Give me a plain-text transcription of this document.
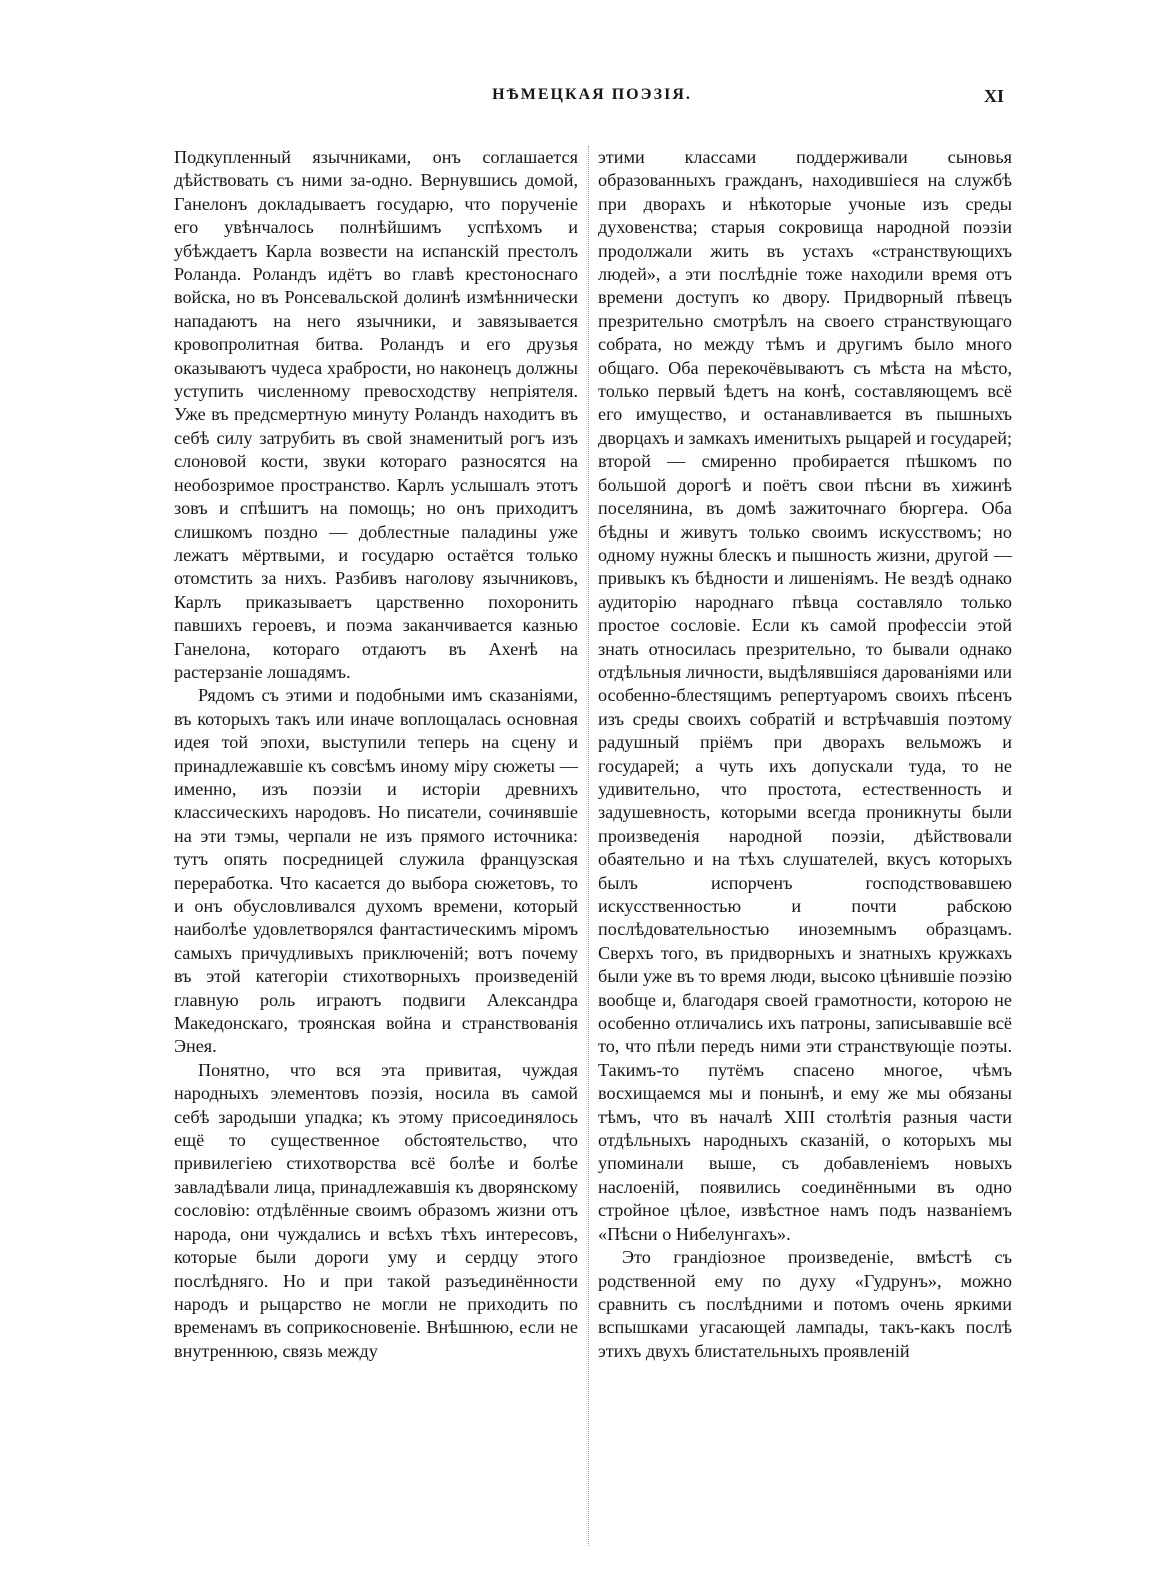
НѢМЕЦКАЯ ПОЭЗІЯ.	XI

Подкупленный язычниками, онъ соглашается дѣйствовать съ ними за-одно. Вернувшись домой, Ганелонъ докладываетъ государю, что порученіе его увѣнчалось полнѣйшимъ успѣхомъ и убѣждаетъ Карла возвести на испанскій престолъ Роланда. Роландъ идётъ во главѣ крестоноснаго войска, но въ Ронсевальской долинѣ измѣннически нападаютъ на него язычники, и завязывается кровопролитная битва. Роландъ и его друзья оказываютъ чудеса храбрости, но наконецъ должны уступить численному превосходству непріятеля. Уже въ предсмертную минуту Роландъ находитъ въ себѣ силу затрубить въ свой знаменитый рогъ изъ слоновой кости, звуки котораго разносятся на необозримое пространство. Карлъ услышалъ этотъ зовъ и спѣшитъ на помощь; но онъ приходитъ слишкомъ поздно — доблестные паладины уже лежатъ мёртвыми, и государю остаётся только отомстить за нихъ. Разбивъ наголову язычниковъ, Карлъ приказываетъ царственно похоронить павшихъ героевъ, и поэма заканчивается казнью Ганелона, котораго отдаютъ въ Ахенѣ на растерзаніе лошадямъ.

Рядомъ съ этими и подобными имъ сказаніями, въ которыхъ такъ или иначе воплощалась основная идея той эпохи, выступили теперь на сцену и принадлежавшіе къ совсѣмъ иному міру сюжеты — именно, изъ поэзіи и исторіи древнихъ классическихъ народовъ. Но писатели, сочинявшіе на эти тэмы, черпали не изъ прямого источника: тутъ опять посредницей служила французская переработка. Что касается до выбора сюжетовъ, то и онъ обусловливался духомъ времени, который наиболѣе удовлетворялся фантастическимъ міромъ самыхъ причудливыхъ приключеній; вотъ почему въ этой категоріи стихотворныхъ произведеній главную роль играютъ подвиги Александра Македонскаго, троянская война и странствованія Энея.

Понятно, что вся эта привитая, чуждая народныхъ элементовъ поэзія, носила въ самой себѣ зародыши упадка; къ этому присоединялось ещё то существенное обстоятельство, что привилегіею стихотворства всё болѣе и болѣе завладѣвали лица, принадлежавшія къ дворянскому сословію: отдѣлённые своимъ образомъ жизни отъ народа, они чуждались и всѣхъ тѣхъ интересовъ, которые были дороги уму и сердцу этого послѣдняго. Но и при такой разъединённости народъ и рыцарство не могли не приходить по временамъ въ соприкосновеніе. Внѣшнюю, если не внутреннюю, связь между

этими классами поддерживали сыновья образованныхъ гражданъ, находившіеся на службѣ при дворахъ и нѣкоторые учоные изъ среды духовенства; старыя сокровища народной поэзіи продолжали жить въ устахъ «странствующихъ людей», а эти послѣдніе тоже находили время отъ времени доступъ ко двору. Придворный пѣвецъ презрительно смотрѣлъ на своего странствующаго собрата, но между тѣмъ и другимъ было много общаго. Оба перекочёвываютъ съ мѣста на мѣсто, только первый ѣдетъ на конѣ, составляющемъ всё его имущество, и останавливается въ пышныхъ дворцахъ и замкахъ именитыхъ рыцарей и государей; второй — смиренно пробирается пѣшкомъ по большой дорогѣ и поётъ свои пѣсни въ хижинѣ поселянина, въ домѣ зажиточнаго бюргера. Оба бѣдны и живутъ только своимъ искусствомъ; но одному нужны блескъ и пышность жизни, другой — привыкъ къ бѣдности и лишеніямъ. Не вездѣ однако аудиторію народнаго пѣвца составляло только простое сословіе. Если къ самой профессіи этой знать относилась презрительно, то бывали однако отдѣльныя личности, выдѣлявшіяся дарованіями или особенно-блестящимъ репертуаромъ своихъ пѣсенъ изъ среды своихъ собратій и встрѣчавшія поэтому радушный пріёмъ при дворахъ вельможъ и государей; а чуть ихъ допускали туда, то не удивительно, что простота, естественность и задушевность, которыми всегда проникнуты были произведенія народной поэзіи, дѣйствовали обаятельно и на тѣхъ слушателей, вкусъ которыхъ былъ испорченъ господствовавшею искусственностью и почти рабскою послѣдовательностью иноземнымъ образцамъ. Сверхъ того, въ придворныхъ и знатныхъ кружкахъ были уже въ то время люди, высоко цѣнившіе поэзію вообще и, благодаря своей грамотности, которою не особенно отличались ихъ патроны, записывавшіе всё то, что пѣли передъ ними эти странствующіе поэты. Такимъ-то путёмъ спасено многое, чѣмъ восхищаемся мы и понынѣ, и ему же мы обязаны тѣмъ, что въ началѣ XIII столѣтія разныя части отдѣльныхъ народныхъ сказаній, о которыхъ мы упоминали выше, съ добавленіемъ новыхъ наслоеній, появились соединёнными въ одно стройное цѣлое, извѣстное намъ подъ названіемъ «Пѣсни о Нибелунгахъ».

Это грандіозное произведеніе, вмѣстѣ съ родственной ему по духу «Гудрунъ», можно сравнить съ послѣдними и потомъ очень яркими вспышками угасающей лампады, такъ-какъ послѣ этихъ двухъ блистательныхъ проявленій
